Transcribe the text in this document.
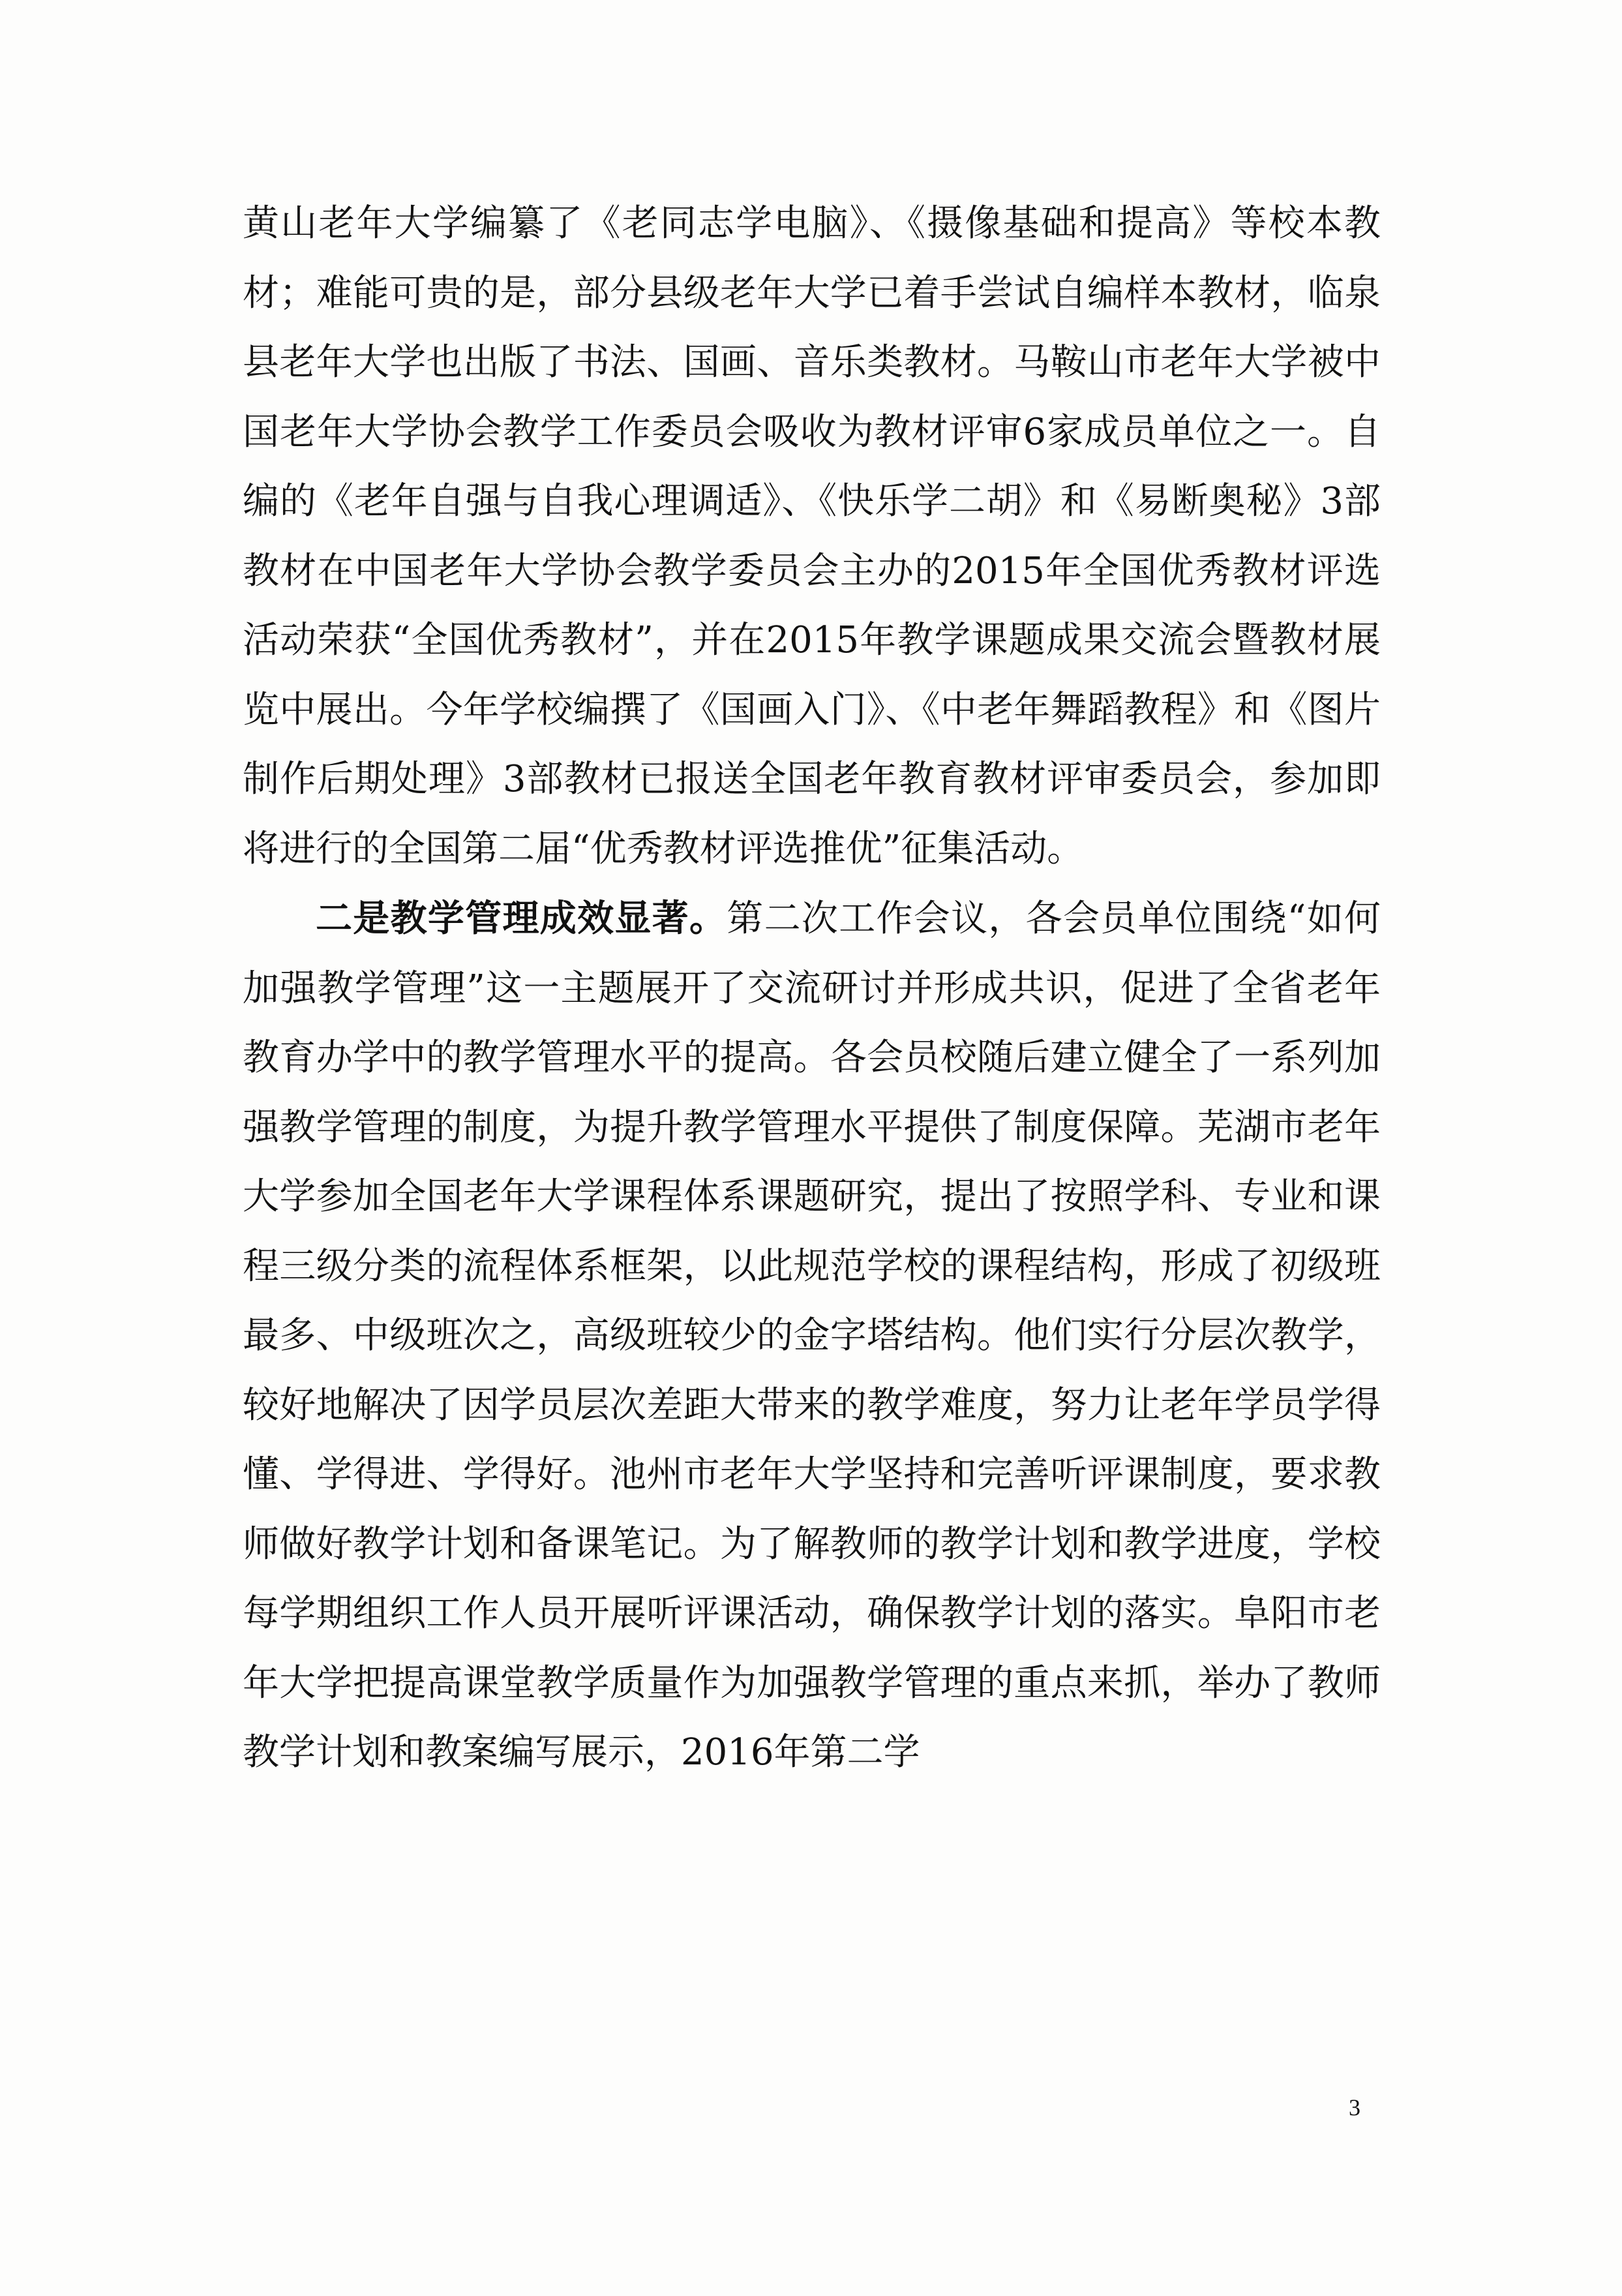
黄山老年大学编纂了《老同志学电脑》、《摄像基础和提高》等校本教材；难能可贵的是，部分县级老年大学已着手尝试自编样本教材，临泉县老年大学也出版了书法、国画、音乐类教材。马鞍山市老年大学被中国老年大学协会教学工作委员会吸收为教材评审6家成员单位之一。自编的《老年自强与自我心理调适》、《快乐学二胡》和《易断奥秘》3部教材在中国老年大学协会教学委员会主办的2015年全国优秀教材评选活动荣获“全国优秀教材”，并在2015年教学课题成果交流会暨教材展览中展出。今年学校编撰了《国画入门》、《中老年舞蹈教程》和《图片制作后期处理》3部教材已报送全国老年教育教材评审委员会，参加即将进行的全国第二届“优秀教材评选推优”征集活动。

二是教学管理成效显著。第二次工作会议，各会员单位围绕“如何加强教学管理”这一主题展开了交流研讨并形成共识，促进了全省老年教育办学中的教学管理水平的提高。各会员校随后建立健全了一系列加强教学管理的制度，为提升教学管理水平提供了制度保障。芜湖市老年大学参加全国老年大学课程体系课题研究，提出了按照学科、专业和课程三级分类的流程体系框架，以此规范学校的课程结构，形成了初级班最多、中级班次之，高级班较少的金字塔结构。他们实行分层次教学，较好地解决了因学员层次差距大带来的教学难度，努力让老年学员学得懂、学得进、学得好。池州市老年大学坚持和完善听评课制度，要求教师做好教学计划和备课笔记。为了解教师的教学计划和教学进度，学校每学期组织工作人员开展听评课活动，确保教学计划的落实。阜阳市老年大学把提高课堂教学质量作为加强教学管理的重点来抓，举办了教师教学计划和教案编写展示，2016年第二学

3
